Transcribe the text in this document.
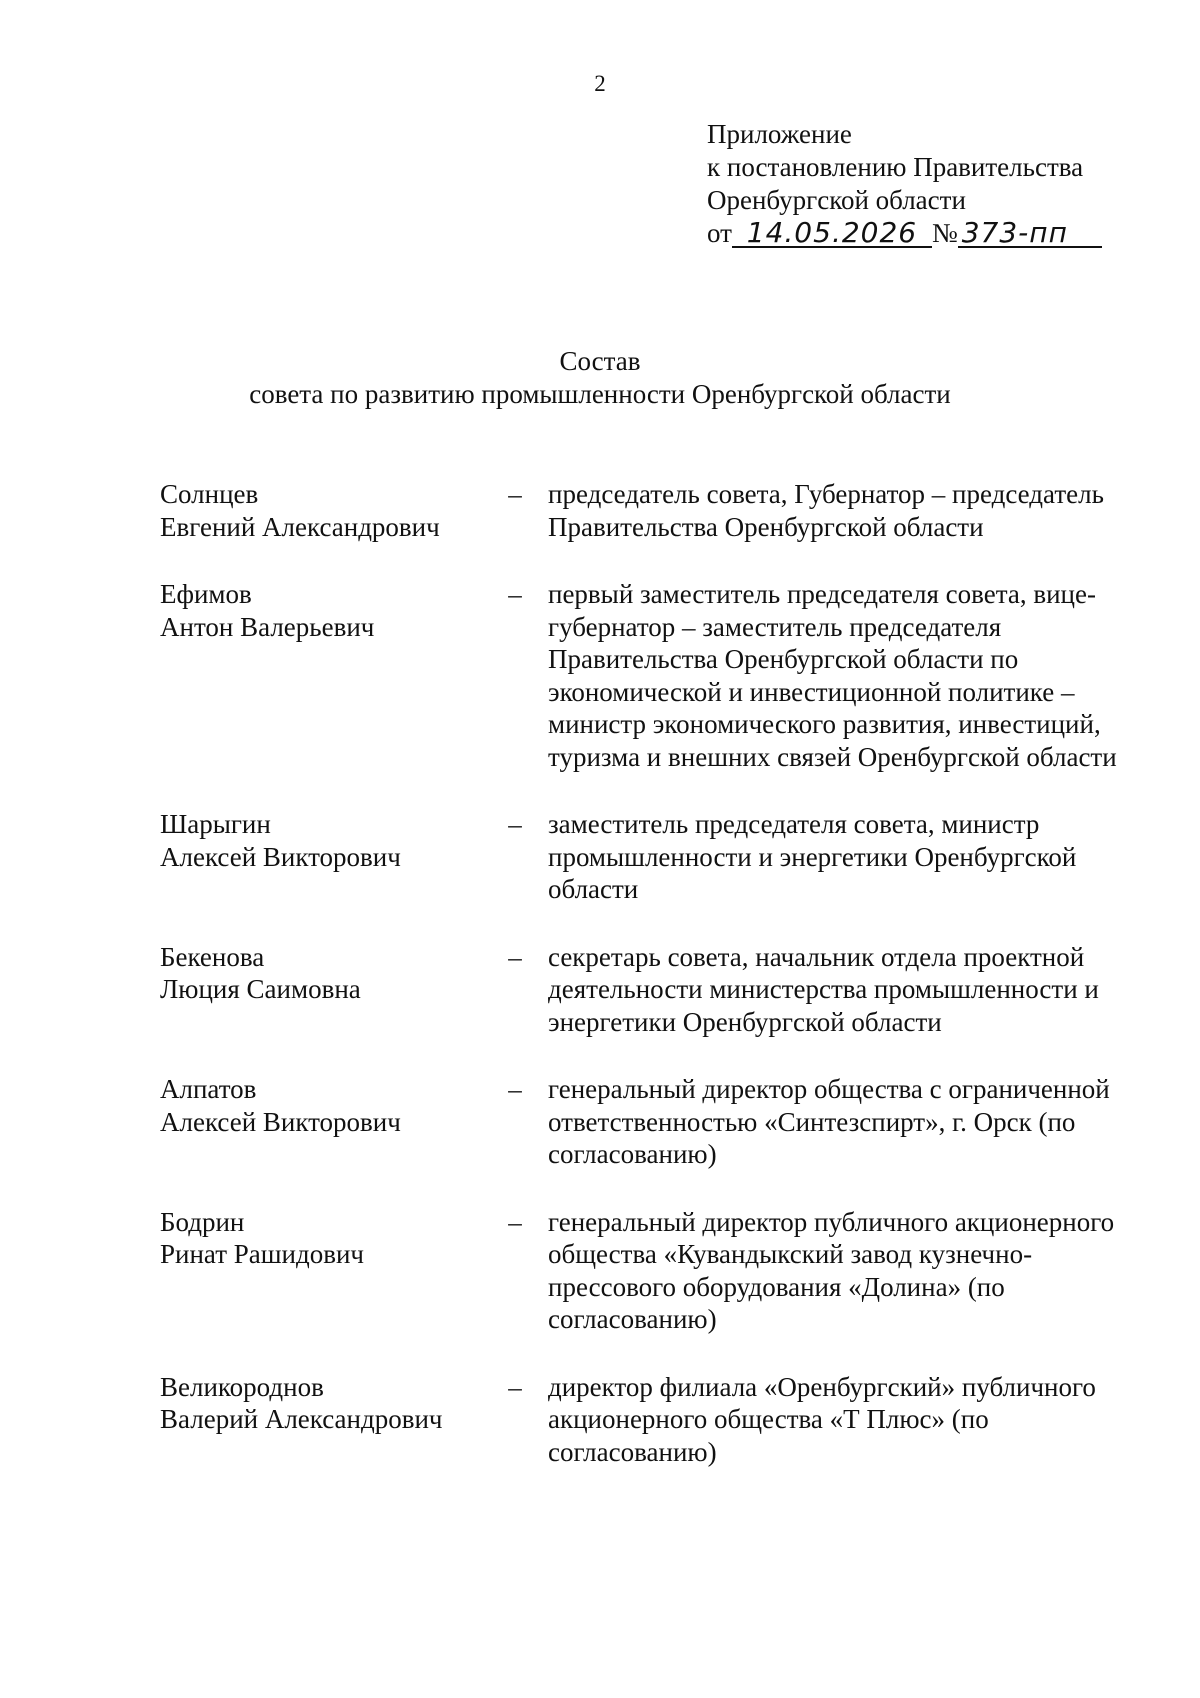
2
Приложение
к постановлению Правительства
Оренбургской области
от 14.05.2026 № 373-пп
Состав
совета по развитию промышленности Оренбургской области
Солнцев
Евгений Александрович
– председатель совета, Губернатор – председатель Правительства Оренбургской области
Ефимов
Антон Валерьевич
– первый заместитель председателя совета, вице-губернатор – заместитель председателя Правительства Оренбургской области по экономической и инвестиционной политике – министр экономического развития, инвестиций, туризма и внешних связей Оренбургской области
Шарыгин
Алексей Викторович
– заместитель председателя совета, министр промышленности и энергетики Оренбургской области
Бекенова
Люция Саимовна
– секретарь совета, начальник отдела проектной деятельности министерства промышленности и энергетики Оренбургской области
Алпатов
Алексей Викторович
– генеральный директор общества с ограниченной ответственностью «Синтезспирт», г. Орск (по согласованию)
Бодрин
Ринат Рашидович
– генеральный директор публичного акционерного общества «Кувандыкский завод кузнечно-прессового оборудования «Долина» (по согласованию)
Великороднов
Валерий Александрович
– директор филиала «Оренбургский» публичного акционерного общества «Т Плюс» (по согласованию)
